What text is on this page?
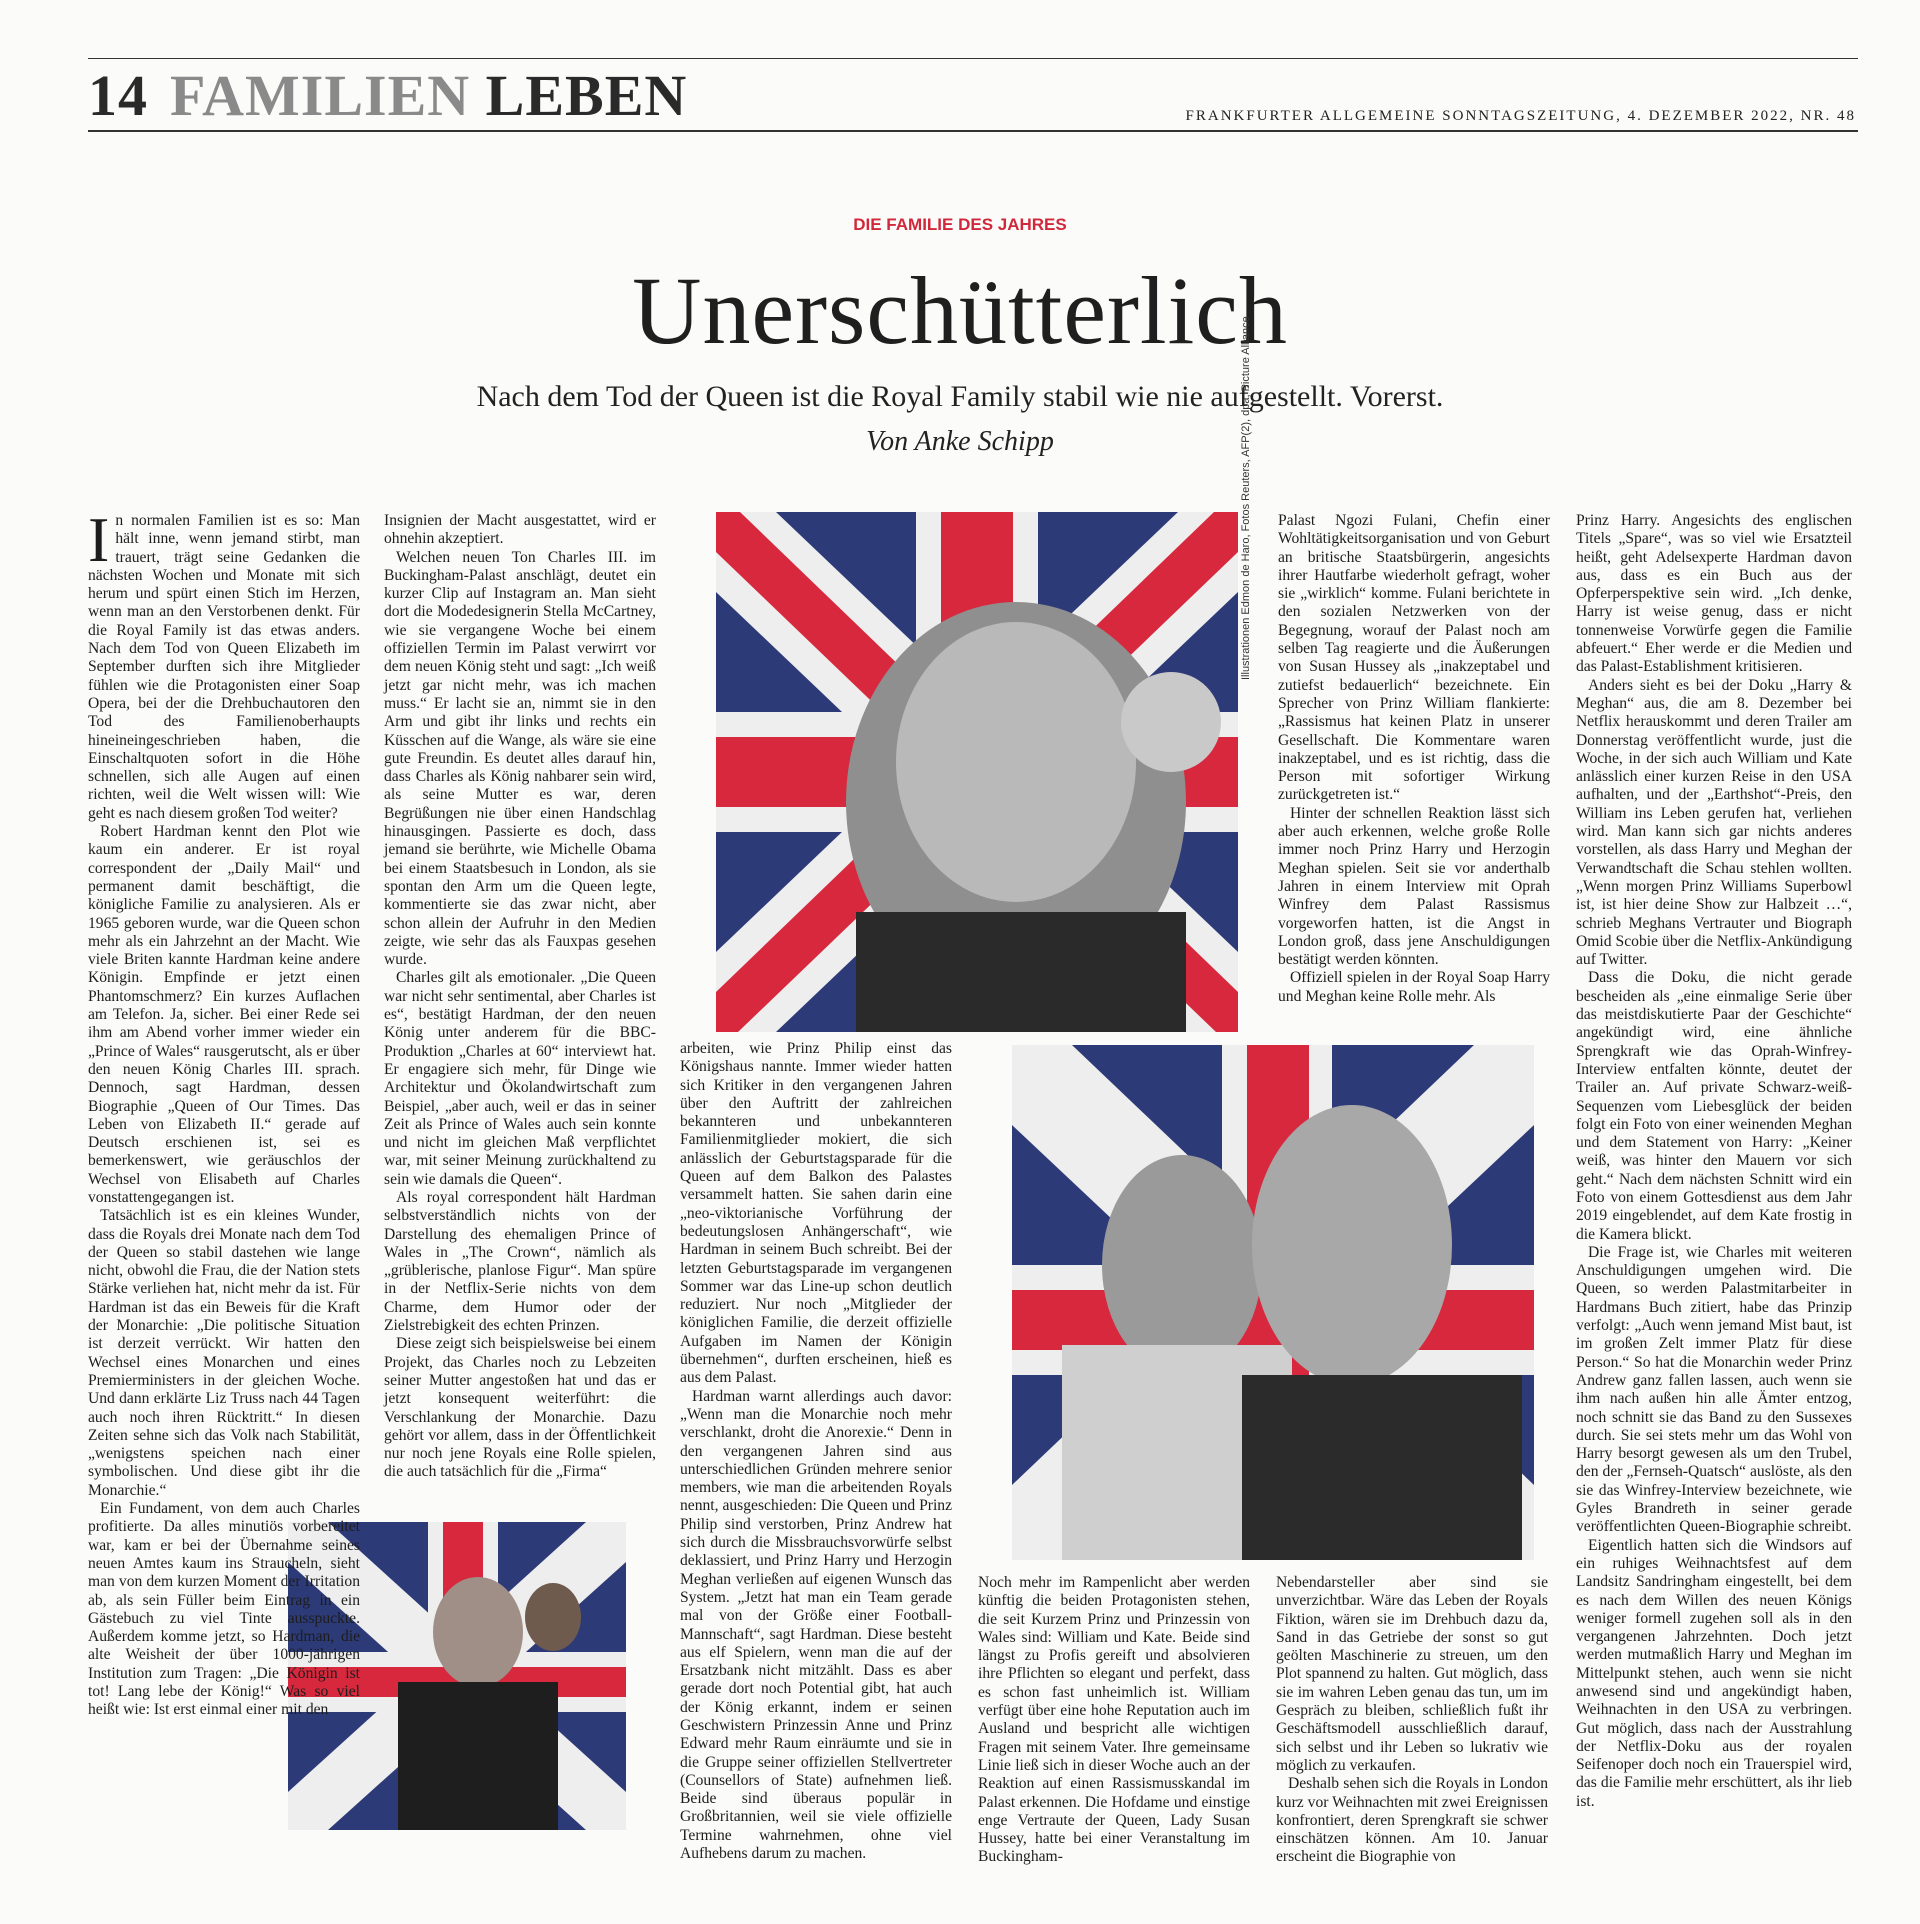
14 FAMILIEN LEBEN	FRANKFURTER ALLGEMEINE SONNTAGSZEITUNG, 4. DEZEMBER 2022, NR. 48
DIE FAMILIE DES JAHRES
Unerschütterlich
Nach dem Tod der Queen ist die Royal Family stabil wie nie aufgestellt. Vorerst.
Von Anke Schipp	Illustrationen Edmon de Haro, Fotos Reuters, AFP(2), dpa, Picture Alliance

In normalen Familien ist es so: Man hält inne, wenn jemand stirbt, man trauert, trägt seine Gedanken die nächsten Wochen und Monate mit sich herum und spürt einen Stich im Herzen, wenn man an den Verstorbenen denkt. Für die Royal Family ist das etwas anders. Nach dem Tod von Queen Elizabeth im September durften sich ihre Mitglieder fühlen wie die Protagonisten einer Soap Opera, bei der die Drehbuchautoren den Tod des Familienoberhaupts hineineingeschrieben haben, die Einschaltquoten sofort in die Höhe schnellen, sich alle Augen auf einen richten, weil die Welt wissen will: Wie geht es nach diesem großen Tod weiter?

Robert Hardman kennt den Plot wie kaum ein anderer. Er ist royal correspondent der „Daily Mail“ und permanent damit beschäftigt, die königliche Familie zu analysieren. Als er 1965 geboren wurde, war die Queen schon mehr als ein Jahrzehnt an der Macht. Wie viele Briten kannte Hardman keine andere Königin. Empfinde er jetzt einen Phantomschmerz? Ein kurzes Auflachen am Telefon. Ja, sicher. Bei einer Rede sei ihm am Abend vorher immer wieder ein „Prince of Wales“ rausgerutscht, als er über den neuen König Charles III. sprach. Dennoch, sagt Hardman, dessen Biographie „Queen of Our Times. Das Leben von Elizabeth II.“ gerade auf Deutsch erschienen ist, sei es bemerkenswert, wie geräuschlos der Wechsel von Elisabeth auf Charles vonstattengegangen ist.

Tatsächlich ist es ein kleines Wunder, dass die Royals drei Monate nach dem Tod der Queen so stabil dastehen wie lange nicht, obwohl die Frau, die der Nation stets Stärke verliehen hat, nicht mehr da ist. Für Hardman ist das ein Beweis für die Kraft der Monarchie: „Die politische Situation ist derzeit verrückt. Wir hatten den Wechsel eines Monarchen und eines Premierministers in der gleichen Woche. Und dann erklärte Liz Truss nach 44 Tagen auch noch ihren Rücktritt.“ In diesen Zeiten sehne sich das Volk nach Stabilität, „wenigstens speichen nach einer symbolischen. Und diese gibt ihr die Monarchie.“

Ein Fundament, von dem auch Charles profitierte. Da alles minutiös vorbereitet war, kam er bei der Übernahme seines neuen Amtes kaum ins Straucheln, sieht man von dem kurzen Moment der Irritation ab, als sein Füller beim Eintrag in ein Gästebuch zu viel Tinte ausspuckte. Außerdem komme jetzt, so Hardman, die alte Weisheit der über 1000-jährigen Institution zum Tragen: „Die Königin ist tot! Lang lebe der König!“ Was so viel heißt wie: Ist erst einmal einer mit den

Insignien der Macht ausgestattet, wird er ohnehin akzeptiert.

Welchen neuen Ton Charles III. im Buckingham-Palast anschlägt, deutet ein kurzer Clip auf Instagram an. Man sieht dort die Modedesignerin Stella McCartney, wie sie vergangene Woche bei einem offiziellen Termin im Palast verwirrt vor dem neuen König steht und sagt: „Ich weiß jetzt gar nicht mehr, was ich machen muss.“ Er lacht sie an, nimmt sie in den Arm und gibt ihr links und rechts ein Küsschen auf die Wange, als wäre sie eine gute Freundin. Es deutet alles darauf hin, dass Charles als König nahbarer sein wird, als seine Mutter es war, deren Begrüßungen nie über einen Handschlag hinausgingen. Passierte es doch, dass jemand sie berührte, wie Michelle Obama bei einem Staatsbesuch in London, als sie spontan den Arm um die Queen legte, kommentierte sie das zwar nicht, aber schon allein der Aufruhr in den Medien zeigte, wie sehr das als Fauxpas gesehen wurde.

Charles gilt als emotionaler. „Die Queen war nicht sehr sentimental, aber Charles ist es“, bestätigt Hardman, der den neuen König unter anderem für die BBC-Produktion „Charles at 60“ interviewt hat. Er engagiere sich mehr, für Dinge wie Architektur und Ökolandwirtschaft zum Beispiel, „aber auch, weil er das in seiner Zeit als Prince of Wales auch sein konnte und nicht im gleichen Maß verpflichtet war, mit seiner Meinung zurückhaltend zu sein wie damals die Queen“.

Als royal correspondent hält Hardman selbstverständlich nichts von der Darstellung des ehemaligen Prince of Wales in „The Crown“, nämlich als „grüblerische, planlose Figur“. Man spüre in der Netflix-Serie nichts von dem Charme, dem Humor oder der Zielstrebigkeit des echten Prinzen.

Diese zeigt sich beispielsweise bei einem Projekt, das Charles noch zu Lebzeiten seiner Mutter angestoßen hat und das er jetzt konsequent weiterführt: die Verschlankung der Monarchie. Dazu gehört vor allem, dass in der Öffentlichkeit nur noch jene Royals eine Rolle spielen, die auch tatsächlich für die „Firma“

arbeiten, wie Prinz Philip einst das Königshaus nannte. Immer wieder hatten sich Kritiker in den vergangenen Jahren über den Auftritt der zahlreichen bekannteren und unbekannteren Familienmitglieder mokiert, die sich anlässlich der Geburtstagsparade für die Queen auf dem Balkon des Palastes versammelt hatten. Sie sahen darin eine „neo-viktorianische Vorführung der bedeutungslosen Anhängerschaft“, wie Hardman in seinem Buch schreibt. Bei der letzten Geburtstagsparade im vergangenen Sommer war das Line-up schon deutlich reduziert. Nur noch „Mitglieder der königlichen Familie, die derzeit offizielle Aufgaben im Namen der Königin übernehmen“, durften erscheinen, hieß es aus dem Palast.

Hardman warnt allerdings auch davor: „Wenn man die Monarchie noch mehr verschlankt, droht die Anorexie.“ Denn in den vergangenen Jahren sind aus unterschiedlichen Gründen mehrere senior members, wie man die arbeitenden Royals nennt, ausgeschieden: Die Queen und Prinz Philip sind verstorben, Prinz Andrew hat sich durch die Missbrauchsvorwürfe selbst deklassiert, und Prinz Harry und Herzogin Meghan verließen auf eigenen Wunsch das System. „Jetzt hat man ein Team gerade mal von der Größe einer Football-Mannschaft“, sagt Hardman. Diese besteht aus elf Spielern, wenn man die auf der Ersatzbank nicht mitzählt. Dass es aber gerade dort noch Potential gibt, hat auch der König erkannt, indem er seinen Geschwistern Prinzessin Anne und Prinz Edward mehr Raum einräumte und sie in die Gruppe seiner offiziellen Stellvertreter (Counsellors of State) aufnehmen ließ. Beide sind überaus populär in Großbritannien, weil sie viele offizielle Termine wahrnehmen, ohne viel Aufhebens darum zu machen.

Palast Ngozi Fulani, Chefin einer Wohltätigkeitsorganisation und von Geburt an britische Staatsbürgerin, angesichts ihrer Hautfarbe wiederholt gefragt, woher sie „wirklich“ komme. Fulani berichtete in den sozialen Netzwerken von der Begegnung, worauf der Palast noch am selben Tag reagierte und die Äußerungen von Susan Hussey als „inakzeptabel und zutiefst bedauerlich“ bezeichnete. Ein Sprecher von Prinz William flankierte: „Rassismus hat keinen Platz in unserer Gesellschaft. Die Kommentare waren inakzeptabel, und es ist richtig, dass die Person mit sofortiger Wirkung zurückgetreten ist.“

Hinter der schnellen Reaktion lässt sich aber auch erkennen, welche große Rolle immer noch Prinz Harry und Herzogin Meghan spielen. Seit sie vor anderthalb Jahren in einem Interview mit Oprah Winfrey dem Palast Rassismus vorgeworfen hatten, ist die Angst in London groß, dass jene Anschuldigungen bestätigt werden könnten.

Offiziell spielen in der Royal Soap Harry und Meghan keine Rolle mehr. Als

Prinz Harry. Angesichts des englischen Titels „Spare“, was so viel wie Ersatzteil heißt, geht Adelsexperte Hardman davon aus, dass es ein Buch aus der Opferperspektive sein wird. „Ich denke, Harry ist weise genug, dass er nicht tonnenweise Vorwürfe gegen die Familie abfeuert.“ Eher werde er die Medien und das Palast-Establishment kritisieren.

Anders sieht es bei der Doku „Harry & Meghan“ aus, die am 8. Dezember bei Netflix herauskommt und deren Trailer am Donnerstag veröffentlicht wurde, just die Woche, in der sich auch William und Kate anlässlich einer kurzen Reise in den USA aufhalten, und der „Earthshot“-Preis, den William ins Leben gerufen hat, verliehen wird. Man kann sich gar nichts anderes vorstellen, als dass Harry und Meghan der Verwandtschaft die Schau stehlen wollten. „Wenn morgen Prinz Williams Superbowl ist, ist hier deine Show zur Halbzeit …“, schrieb Meghans Vertrauter und Biograph Omid Scobie über die Netflix-Ankündigung auf Twitter.

Dass die Doku, die nicht gerade bescheiden als „eine einmalige Serie über das meistdiskutierte Paar der Geschichte“ angekündigt wird, eine ähnliche Sprengkraft wie das Oprah-Winfrey-Interview entfalten könnte, deutet der Trailer an. Auf private Schwarz-weiß-Sequenzen vom Liebesglück der beiden folgt ein Foto von einer weinenden Meghan und dem Statement von Harry: „Keiner weiß, was hinter den Mauern vor sich geht.“ Nach dem nächsten Schnitt wird ein Foto von einem Gottesdienst aus dem Jahr 2019 eingeblendet, auf dem Kate frostig in die Kamera blickt.

Die Frage ist, wie Charles mit weiteren Anschuldigungen umgehen wird. Die Queen, so werden Palastmitarbeiter in Hardmans Buch zitiert, habe das Prinzip verfolgt: „Auch wenn jemand Mist baut, ist im großen Zelt immer Platz für diese Person.“ So hat die Monarchin weder Prinz Andrew ganz fallen lassen, auch wenn sie ihm nach außen hin alle Ämter entzog, noch schnitt sie das Band zu den Sussexes durch. Sie sei stets mehr um das Wohl von Harry besorgt gewesen als um den Trubel, den der „Fernseh-Quatsch“ auslöste, als den sie das Winfrey-Interview bezeichnete, wie Gyles Brandreth in seiner gerade veröffentlichten Queen-Biographie schreibt.

Eigentlich hatten sich die Windsors auf ein ruhiges Weihnachtsfest auf dem Landsitz Sandringham eingestellt, bei dem es nach dem Willen des neuen Königs weniger formell zugehen soll als in den vergangenen Jahrzehnten. Doch jetzt werden mutmaßlich Harry und Meghan im Mittelpunkt stehen, auch wenn sie nicht anwesend sind und angekündigt haben, Weihnachten in den USA zu verbringen. Gut möglich, dass nach der Ausstrahlung der Netflix-Doku aus der royalen Seifenoper doch noch ein Trauerspiel wird, das die Familie mehr erschüttert, als ihr lieb ist.

Noch mehr im Rampenlicht aber werden künftig die beiden Protagonisten stehen, die seit Kurzem Prinz und Prinzessin von Wales sind: William und Kate. Beide sind längst zu Profis gereift und absolvieren ihre Pflichten so elegant und perfekt, dass es schon fast unheimlich ist. William verfügt über eine hohe Reputation auch im Ausland und bespricht alle wichtigen Fragen mit seinem Vater. Ihre gemeinsame Linie ließ sich in dieser Woche auch an der Reaktion auf einen Rassismusskandal im Palast erkennen. Die Hofdame und einstige enge Vertraute der Queen, Lady Susan Hussey, hatte bei einer Veranstaltung im Buckingham-

Nebendarsteller aber sind sie unverzichtbar. Wäre das Leben der Royals Fiktion, wären sie im Drehbuch dazu da, Sand in das Getriebe der sonst so gut geölten Maschinerie zu streuen, um den Plot spannend zu halten. Gut möglich, dass sie im wahren Leben genau das tun, um im Gespräch zu bleiben, schließlich fußt ihr Geschäftsmodell ausschließlich darauf, sich selbst und ihr Leben so lukrativ wie möglich zu verkaufen.

Deshalb sehen sich die Royals in London kurz vor Weihnachten mit zwei Ereignissen konfrontiert, deren Sprengkraft sie schwer einschätzen können. Am 10. Januar erscheint die Biographie von
